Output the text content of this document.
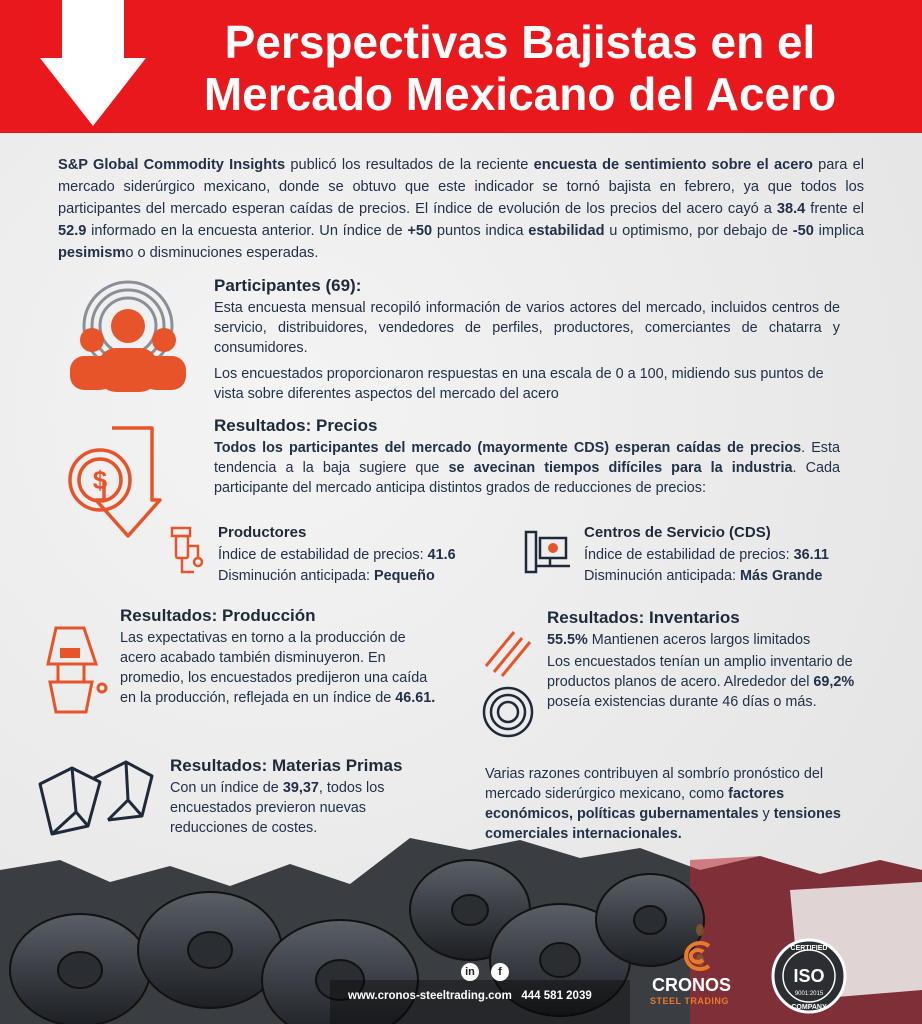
Perspectivas Bajistas en el
Mercado Mexicano del Acero
S&P Global Commodity Insights publicó los resultados de la reciente encuesta de sentimiento sobre el acero para el mercado siderúrgico mexicano, donde se obtuvo que este indicador se tornó bajista en febrero, ya que todos los participantes del mercado esperan caídas de precios. El índice de evolución de los precios del acero cayó a 38.4 frente el 52.9 informado en la encuesta anterior. Un índice de +50 puntos indica estabilidad u optimismo, por debajo de -50 implica pesimismo o disminuciones esperadas.
Participantes (69):
Esta encuesta mensual recopiló información de varios actores del mercado, incluidos centros de servicio, distribuidores, vendedores de perfiles, productores, comerciantes de chatarra y consumidores.
Los encuestados proporcionaron respuestas en una escala de 0 a 100, midiendo sus puntos de vista sobre diferentes aspectos del mercado del acero
$
Resultados: Precios
Todos los participantes del mercado (mayormente CDS) esperan caídas de precios. Esta tendencia a la baja sugiere que se avecinan tiempos difíciles para la industria. Cada participante del mercado anticipa distintos grados de reducciones de precios:
Productores
Índice de estabilidad de precios: 41.6
Disminución anticipada: Pequeño
Centros de Servicio (CDS)
Índice de estabilidad de precios: 36.11
Disminución anticipada: Más Grande
Resultados: Producción
Las expectativas en torno a la producción de acero acabado también disminuyeron. En promedio, los encuestados predijeron una caída en la producción, reflejada en un índice de 46.61.
Resultados: Inventarios
55.5% Mantienen aceros largos limitados
Los encuestados tenían un amplio inventario de productos planos de acero. Alrededor del 69,2% poseía existencias durante 46 días o más.
Resultados: Materias Primas
Con un índice de 39,37, todos los encuestados previeron nuevas reducciones de costes.
Varias razones contribuyen al sombrío pronóstico del mercado siderúrgico mexicano, como factores económicos, políticas gubernamentales y tensiones comerciales internacionales.
in	f
www.cronos-steeltrading.com 444 581 2039
CRONOS
STEEL TRADING
CERTIFIED
ISO
9001:2015
COMPANY
